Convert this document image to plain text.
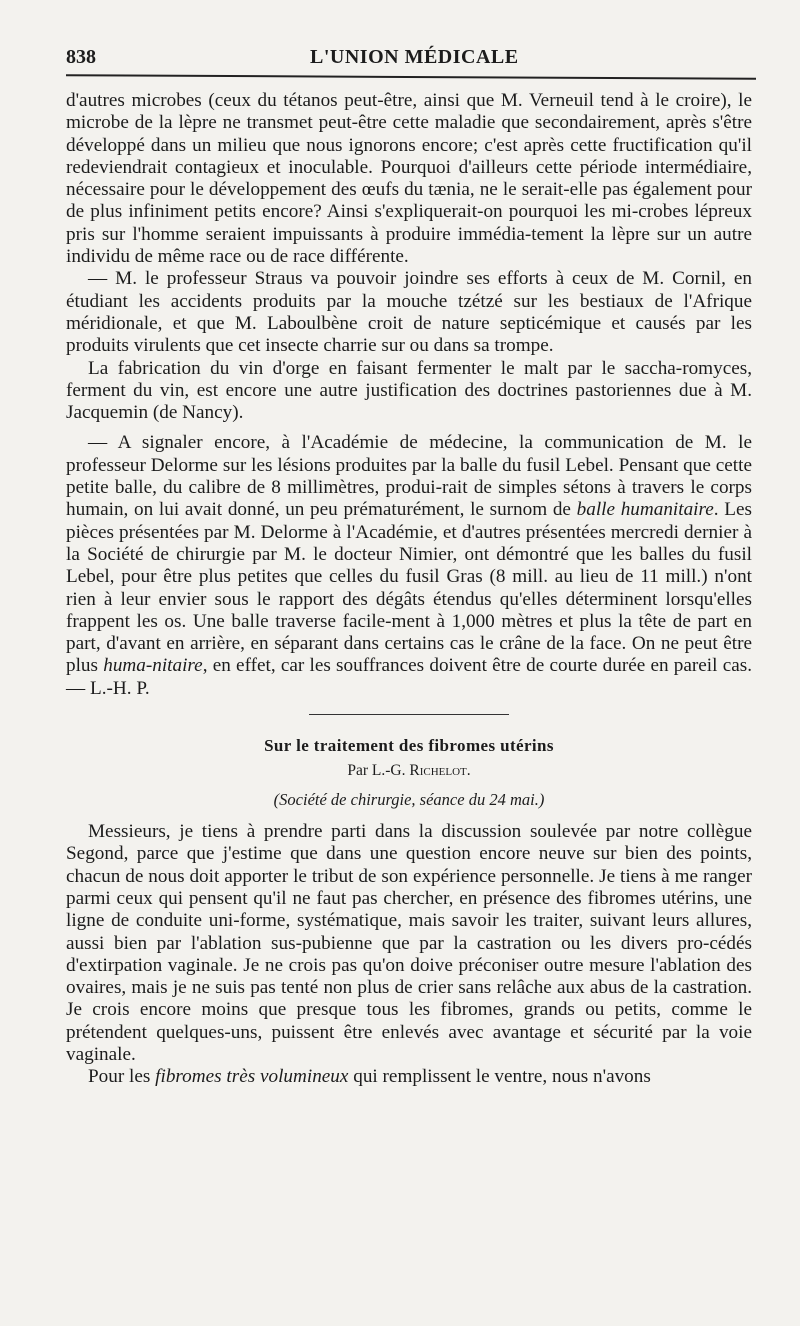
838	L'UNION MÉDICALE

d'autres microbes (ceux du tétanos peut-être, ainsi que M. Verneuil tend à le croire), le microbe de la lèpre ne transmet peut-être cette maladie que secondairement, après s'être développé dans un milieu que nous ignorons encore; c'est après cette fructification qu'il redeviendrait contagieux et inoculable. Pourquoi d'ailleurs cette période intermédiaire, nécessaire pour le développement des œufs du tænia, ne le serait-elle pas également pour de plus infiniment petits encore? Ainsi s'expliquerait-on pourquoi les mi-crobes lépreux pris sur l'homme seraient impuissants à produire immédia-tement la lèpre sur un autre individu de même race ou de race différente.

— M. le professeur Straus va pouvoir joindre ses efforts à ceux de M. Cornil, en étudiant les accidents produits par la mouche tzétzé sur les bestiaux de l'Afrique méridionale, et que M. Laboulbène croit de nature septicémique et causés par les produits virulents que cet insecte charrie sur ou dans sa trompe.

La fabrication du vin d'orge en faisant fermenter le malt par le saccha-romyces, ferment du vin, est encore une autre justification des doctrines pastoriennes due à M. Jacquemin (de Nancy).

— A signaler encore, à l'Académie de médecine, la communication de M. le professeur Delorme sur les lésions produites par la balle du fusil Lebel. Pensant que cette petite balle, du calibre de 8 millimètres, produi-rait de simples sétons à travers le corps humain, on lui avait donné, un peu prématurément, le surnom de balle humanitaire. Les pièces présentées par M. Delorme à l'Académie, et d'autres présentées mercredi dernier à la Société de chirurgie par M. le docteur Nimier, ont démontré que les balles du fusil Lebel, pour être plus petites que celles du fusil Gras (8 mill. au lieu de 11 mill.) n'ont rien à leur envier sous le rapport des dégâts étendus qu'elles déterminent lorsqu'elles frappent les os. Une balle traverse facile-ment à 1,000 mètres et plus la tête de part en part, d'avant en arrière, en séparant dans certains cas le crâne de la face. On ne peut être plus huma-nitaire, en effet, car les souffrances doivent être de courte durée en pareil cas. — L.-H. P.

Sur le traitement des fibromes utérins
Par L.-G. Richelot.
(Société de chirurgie, séance du 24 mai.)

Messieurs, je tiens à prendre parti dans la discussion soulevée par notre collègue Segond, parce que j'estime que dans une question encore neuve sur bien des points, chacun de nous doit apporter le tribut de son expérience personnelle. Je tiens à me ranger parmi ceux qui pensent qu'il ne faut pas chercher, en présence des fibromes utérins, une ligne de conduite uni-forme, systématique, mais savoir les traiter, suivant leurs allures, aussi bien par l'ablation sus-pubienne que par la castration ou les divers pro-cédés d'extirpation vaginale. Je ne crois pas qu'on doive préconiser outre mesure l'ablation des ovaires, mais je ne suis pas tenté non plus de crier sans relâche aux abus de la castration. Je crois encore moins que presque tous les fibromes, grands ou petits, comme le prétendent quelques-uns, puissent être enlevés avec avantage et sécurité par la voie vaginale.

Pour les fibromes très volumineux qui remplissent le ventre, nous n'avons
